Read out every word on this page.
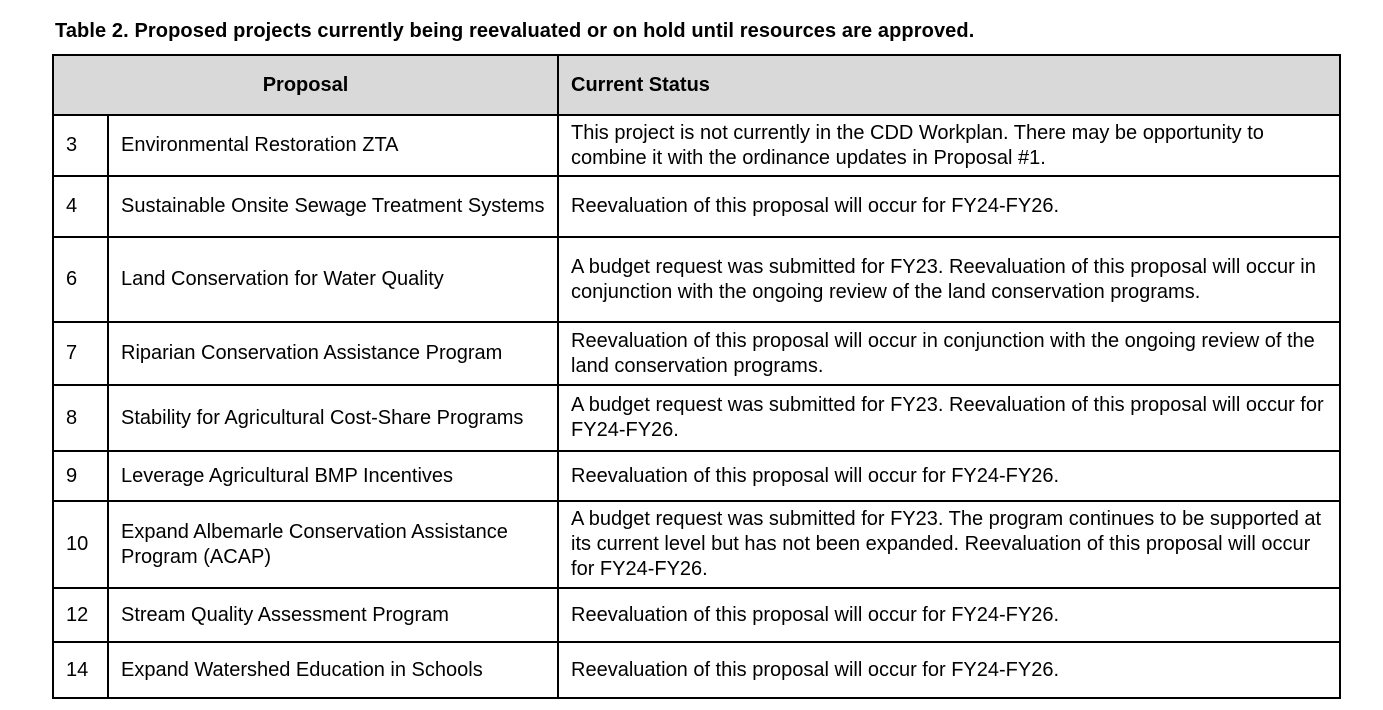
Table 2. Proposed projects currently being reevaluated or on hold until resources are approved.
Proposal		Current Status
3	Environmental Restoration ZTA	This project is not currently in the CDD Workplan. There may be opportunity to combine it with the ordinance updates in Proposal #1.
4	Sustainable Onsite Sewage Treatment Systems	Reevaluation of this proposal will occur for FY24-FY26.
6	Land Conservation for Water Quality	A budget request was submitted for FY23. Reevaluation of this proposal will occur in conjunction with the ongoing review of the land conservation programs.
7	Riparian Conservation Assistance Program	Reevaluation of this proposal will occur in conjunction with the ongoing review of the land conservation programs.
8	Stability for Agricultural Cost-Share Programs	A budget request was submitted for FY23. Reevaluation of this proposal will occur for FY24-FY26.
9	Leverage Agricultural BMP Incentives	Reevaluation of this proposal will occur for FY24-FY26.
10	Expand Albemarle Conservation Assistance Program (ACAP)	A budget request was submitted for FY23. The program continues to be supported at its current level but has not been expanded. Reevaluation of this proposal will occur for FY24-FY26.
12	Stream Quality Assessment Program	Reevaluation of this proposal will occur for FY24-FY26.
14	Expand Watershed Education in Schools	Reevaluation of this proposal will occur for FY24-FY26.
